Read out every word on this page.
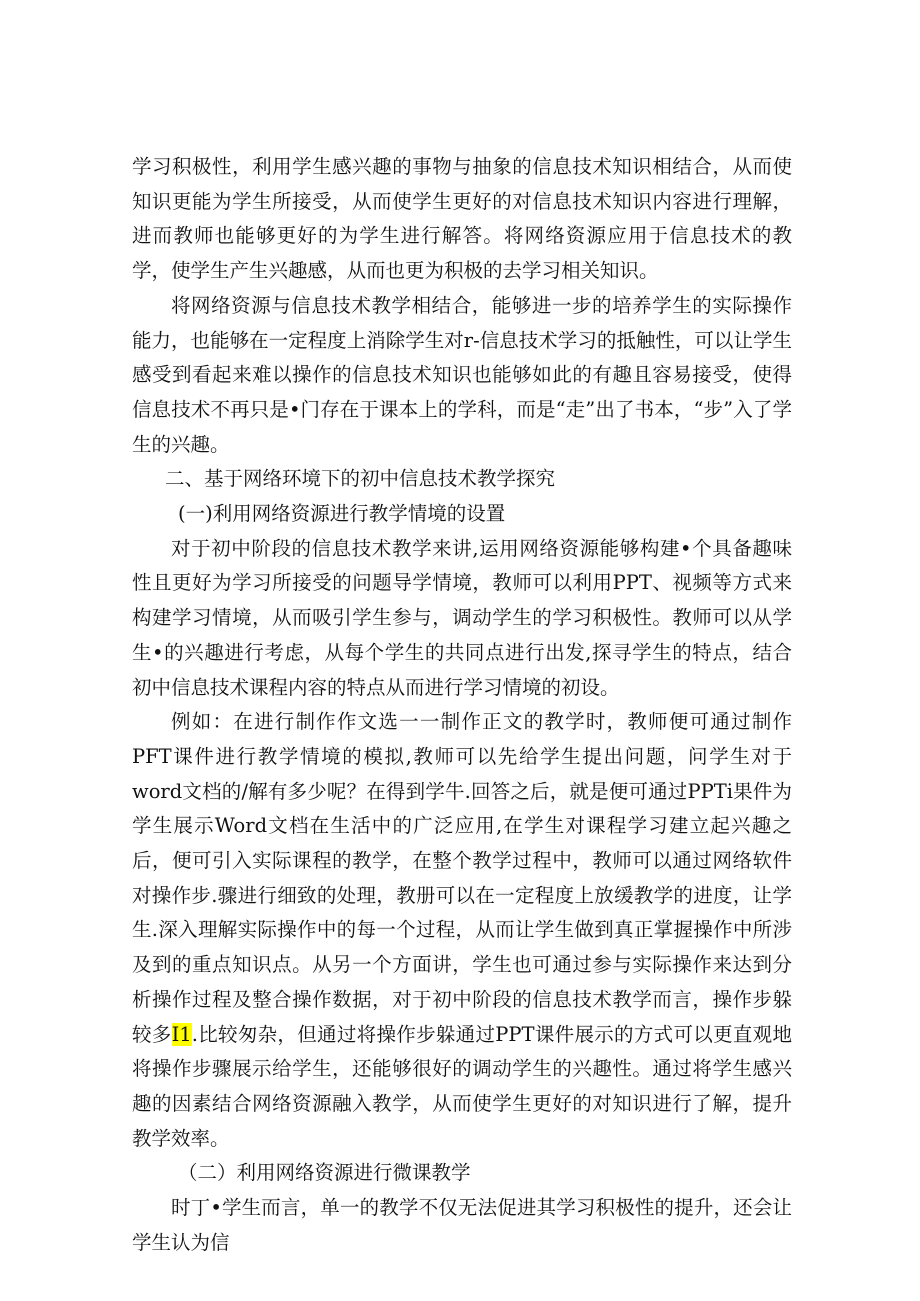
学习积极性，利用学生感兴趣的事物与抽象的信息技术知识相结合，从而使知识更能为学生所接受，从而使学生更好的对信息技术知识内容进行理解，进而教师也能够更好的为学生进行解答。将网络资源应用于信息技术的教学，使学生产生兴趣感，从而也更为积极的去学习相关知识。

将网络资源与信息技术教学相结合，能够进一步的培养学生的实际操作能力，也能够在一定程度上消除学生对r-信息技术学习的抵触性，可以让学生感受到看起来难以操作的信息技术知识也能够如此的有趣且容易接受，使得信息技术不再只是•门存在于课本上的学科，而是“走”出了书本，“步”入了学生的兴趣。

二、基于网络环境下的初中信息技术教学探究

(一)利用网络资源进行教学情境的设置

对于初中阶段的信息技术教学来讲,运用网络资源能够构建•个具备趣味性且更好为学习所接受的问题导学情境，教师可以利用PPT、视频等方式来构建学习情境，从而吸引学生参与，调动学生的学习积极性。教师可以从学生•的兴趣进行考虑，从每个学生的共同点进行出发,探寻学生的特点，结合初中信息技术课程内容的特点从而进行学习情境的初设。

例如：在进行制作作文选一一制作正文的教学时，教师便可通过制作PFT课件进行教学情境的模拟,教师可以先给学生提出问题，问学生对于word文档的/解有多少呢？在得到学牛.回答之后，就是便可通过PPTi果件为学生展示Word文档在生活中的广泛应用,在学生对课程学习建立起兴趣之后，便可引入实际课程的教学，在整个教学过程中，教师可以通过网络软件对操作步.骤进行细致的处理，教册可以在一定程度上放缓教学的进度，让学生.深入理解实际操作中的每一个过程，从而让学生做到真正掌握操作中所涉及到的重点知识点。从另一个方面讲，学生也可通过参与实际操作来达到分析操作过程及整合操作数据，对于初中阶段的信息技术教学而言，操作步躲较多I1.比较匆杂，但通过将操作步躲通过PPT课件展示的方式可以更直观地将操作步骤展示给学生，还能够很好的调动学生的兴趣性。通过将学生感兴趣的因素结合网络资源融入教学，从而使学生更好的对知识进行了解，提升教学效率。

（二）利用网络资源进行微课教学

时丁•学生而言，单一的教学不仅无法促进其学习积极性的提升，还会让学生认为信
